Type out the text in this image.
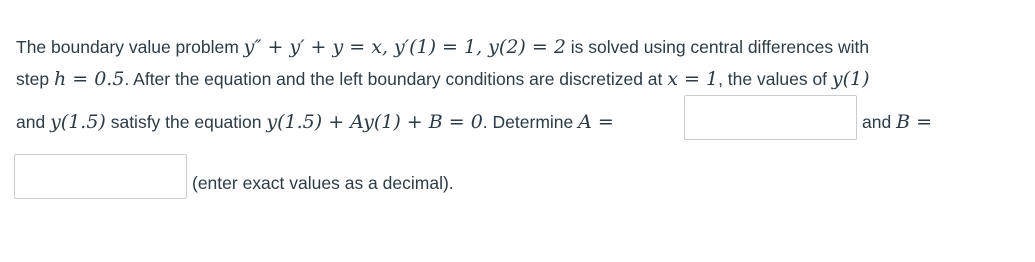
The boundary value problem y″ + y′ + y = x, y′(1) = 1, y(2) = 2 is solved using central differences with
step h = 0.5. After the equation and the left boundary conditions are discretized at x = 1, the values of y(1)
and y(1.5) satisfy the equation y(1.5) + Ay(1) + B = 0. Determine A =	and B =
(enter exact values as a decimal).
